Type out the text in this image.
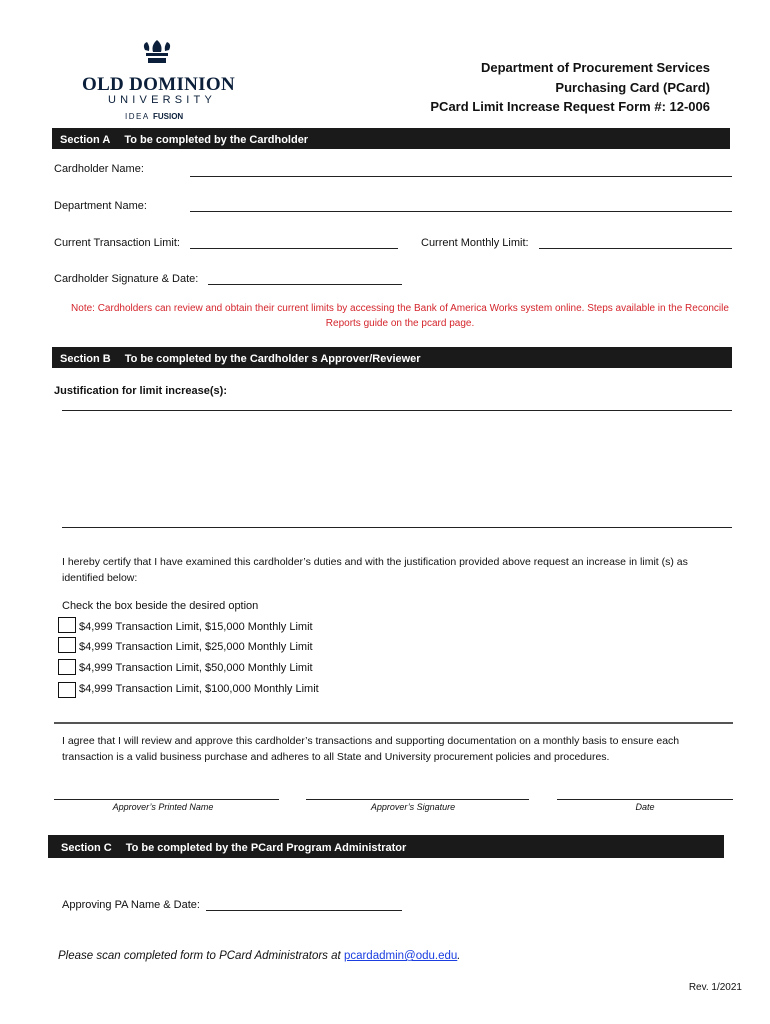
OLD DOMINION
UNIVERSITY
IDEA FUSION
Department of Procurement Services
Purchasing Card (PCard)
PCard Limit Increase Request Form #: 12-006
Section A To be completed by the Cardholder
Cardholder Name:
Department Name:
Current Transaction Limit:	Current Monthly Limit:
Cardholder Signature & Date:
Note: Cardholders can review and obtain their current limits by accessing the Bank of America Works system online. Steps available in the Reconcile Reports guide on the pcard page.
Section B To be completed by the Cardholder s Approver/Reviewer
Justification for limit increase(s):
I hereby certify that I have examined this cardholder’s duties and with the justification provided above request an increase in limit (s) as identified below:
Check the box beside the desired option
$4,999 Transaction Limit, $15,000 Monthly Limit
$4,999 Transaction Limit, $25,000 Monthly Limit
$4,999 Transaction Limit, $50,000 Monthly Limit
$4,999 Transaction Limit, $100,000 Monthly Limit
I agree that I will review and approve this cardholder’s transactions and supporting documentation on a monthly basis to ensure each transaction is a valid business purchase and adheres to all State and University procurement policies and procedures.
Approver’s Printed Name	Approver’s Signature	Date
Section C To be completed by the PCard Program Administrator
Approving PA Name & Date:
Please scan completed form to PCard Administrators at pcardadmin@odu.edu.
Rev. 1/2021
